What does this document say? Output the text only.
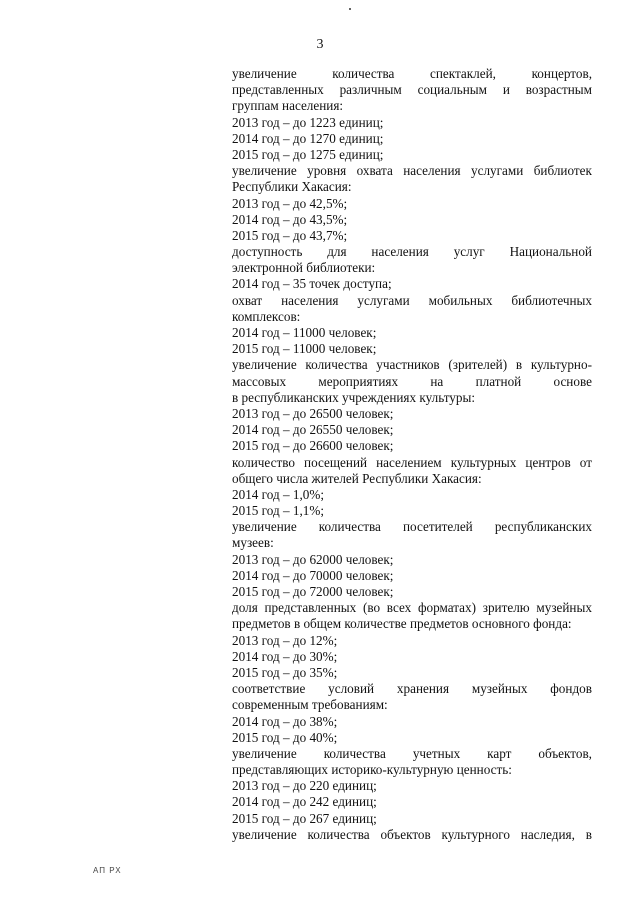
3
увеличение	количества	спектаклей,	концертов,
представленных различным социальным и возрастным
группам населения:
2013 год – до 1223 единиц;
2014 год – до 1270 единиц;
2015 год – до 1275 единиц;
увеличение уровня охвата населения услугами библиотек
Республики Хакасия:
2013 год – до 42,5%;
2014 год – до 43,5%;
2015 год – до 43,7%;
доступность для населения услуг Национальной
электронной библиотеки:
2014 год – 35 точек доступа;
охват населения услугами мобильных библиотечных
комплексов:
2014 год – 11000 человек;
2015 год – 11000 человек;
увеличение количества участников (зрителей) в культурно-
массовых мероприятиях на платной основе
в республиканских учреждениях культуры:
2013 год – до 26500 человек;
2014 год – до 26550 человек;
2015 год – до 26600 человек;
количество посещений населением культурных центров от
общего числа жителей Республики Хакасия:
2014 год – 1,0%;
2015 год – 1,1%;
увеличение количества посетителей республиканских
музеев:
2013 год – до 62000 человек;
2014 год – до 70000 человек;
2015 год – до 72000 человек;
доля представленных (во всех форматах) зрителю музейных
предметов в общем количестве предметов основного фонда:
2013 год – до 12%;
2014 год – до 30%;
2015 год – до 35%;
соответствие условий хранения музейных фондов
современным требованиям:
2014 год – до 38%;
2015 год – до 40%;
увеличение количества учетных карт объектов,
представляющих историко-культурную ценность:
2013 год – до 220 единиц;
2014 год – до 242 единиц;
2015 год – до 267 единиц;
увеличение количества объектов культурного наследия, в
АП РХ
